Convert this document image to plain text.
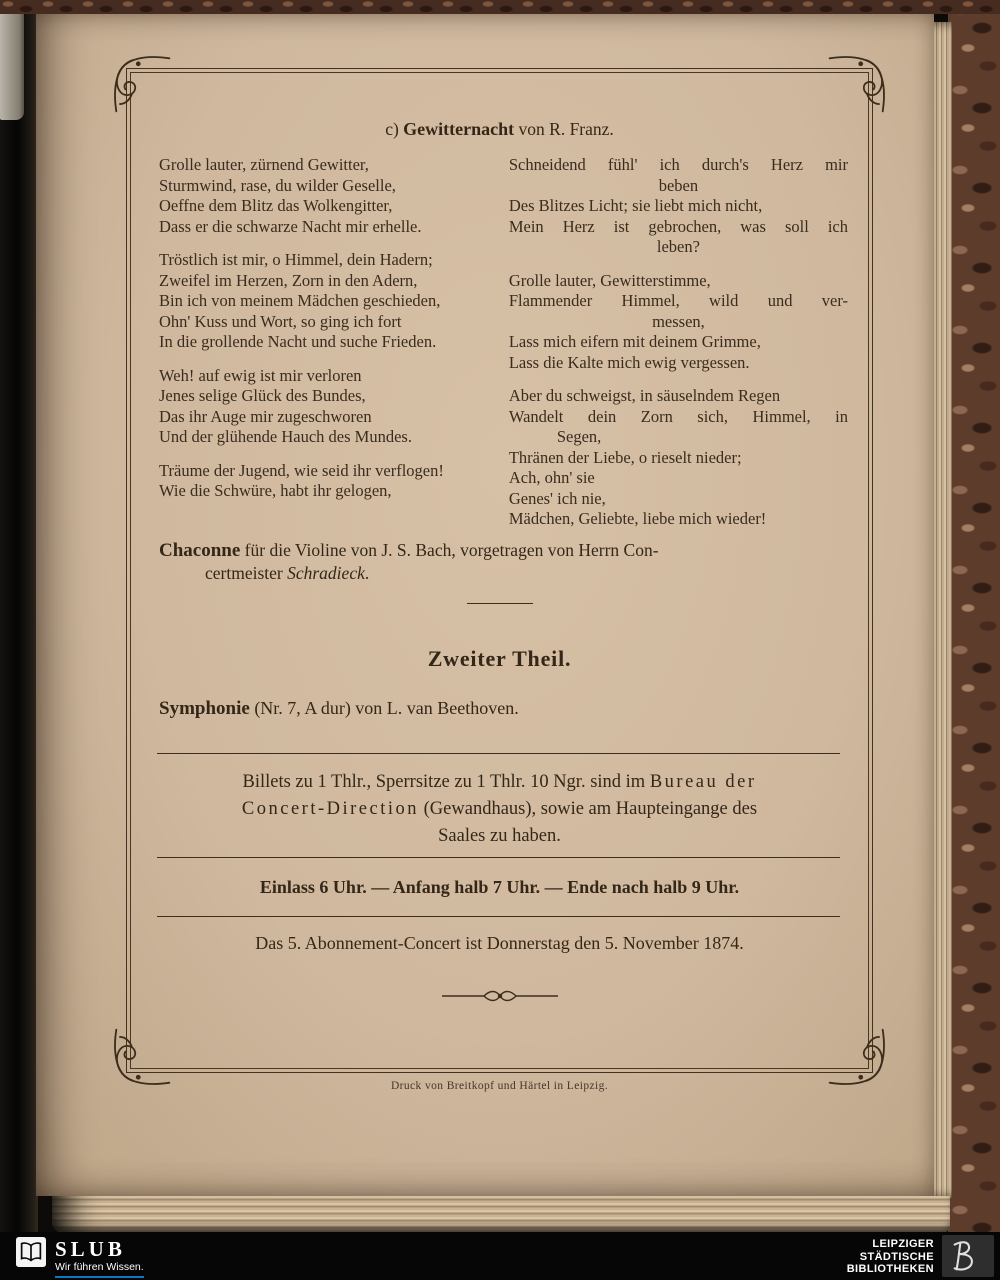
c) Gewitternacht von R. Franz.
Grolle lauter, zürnend Gewitter,
Sturmwind, rase, du wilder Geselle,
Oeffne dem Blitz das Wolkengitter,
Dass er die schwarze Nacht mir erhelle.
Tröstlich ist mir, o Himmel, dein Hadern;
Zweifel im Herzen, Zorn in den Adern,
Bin ich von meinem Mädchen geschieden,
Ohn' Kuss und Wort, so ging ich fort
In die grollende Nacht und suche Frieden.
Weh! auf ewig ist mir verloren
Jenes selige Glück des Bundes,
Das ihr Auge mir zugeschworen
Und der glühende Hauch des Mundes.
Träume der Jugend, wie seid ihr verflogen!
Wie die Schwüre, habt ihr gelogen,
Schneidend fühl' ich durch's Herz mir
beben
Des Blitzes Licht; sie liebt mich nicht,
Mein Herz ist gebrochen, was soll ich
leben?
Grolle lauter, Gewitterstimme,
Flammender Himmel, wild und ver-
messen,
Lass mich eifern mit deinem Grimme,
Lass die Kalte mich ewig vergessen.
Aber du schweigst, in säuselndem Regen
Wandelt dein Zorn sich, Himmel, in
Segen,
Thränen der Liebe, o rieselt nieder;
Ach, ohn' sie
Genes' ich nie,
Mädchen, Geliebte, liebe mich wieder!
Chaconne für die Violine von J. S. Bach, vorgetragen von Herrn Con-
certmeister Schradieck.
Zweiter Theil.
Symphonie (Nr. 7, A dur) von L. van Beethoven.
Billets zu 1 Thlr., Sperrsitze zu 1 Thlr. 10 Ngr. sind im Bureau der
Concert-Direction (Gewandhaus), sowie am Haupteingange des
Saales zu haben.
Einlass 6 Uhr. — Anfang halb 7 Uhr. — Ende nach halb 9 Uhr.
Das 5. Abonnement-Concert ist Donnerstag den 5. November 1874.
Druck von Breitkopf und Härtel in Leipzig.
SLUB
Wir führen Wissen.
LEIPZIGER
STÄDTISCHE
BIBLIOTHEKEN
